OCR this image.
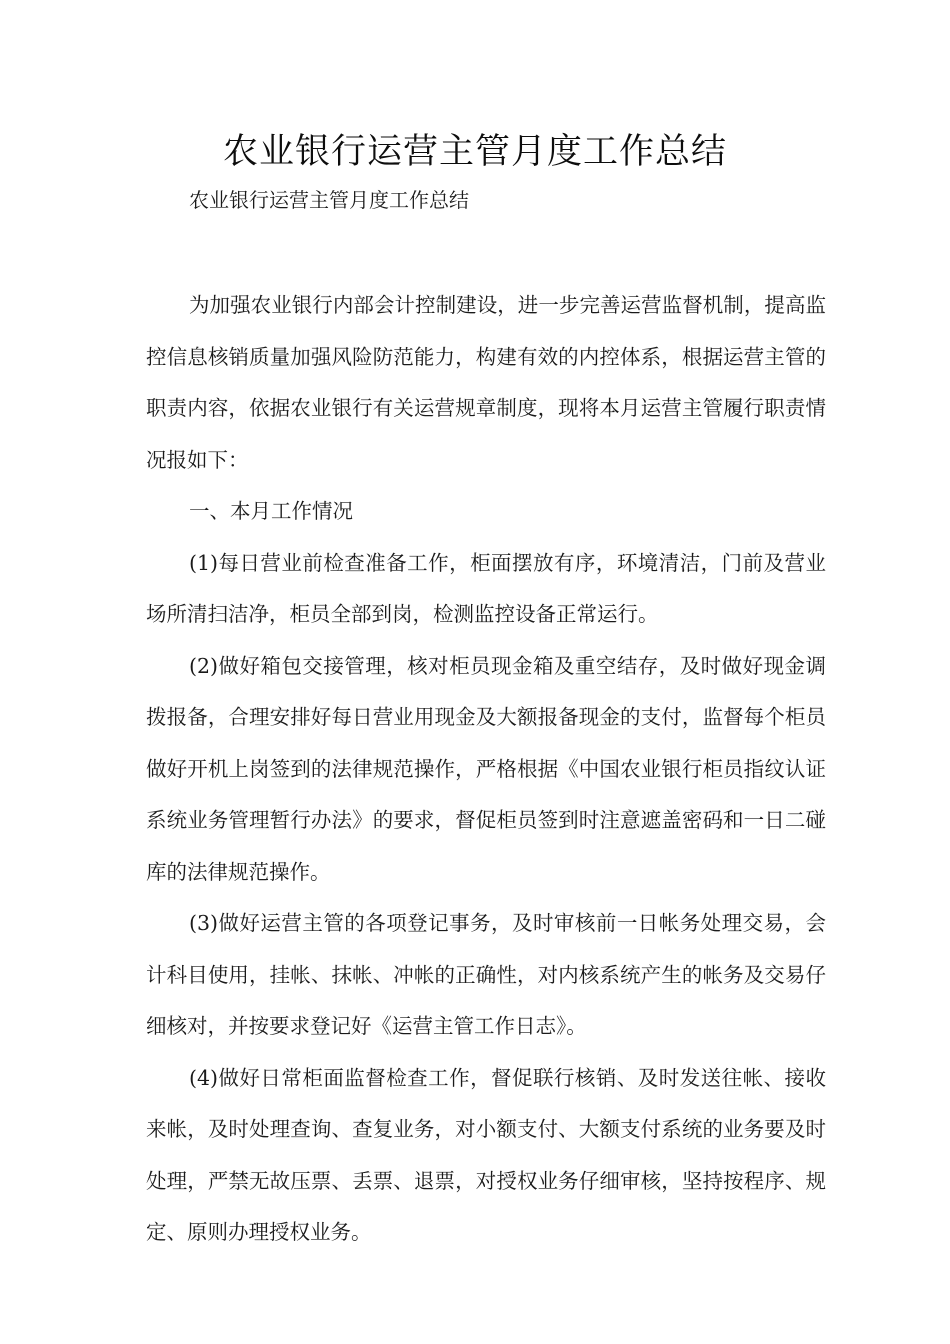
农业银行运营主管月度工作总结

农业银行运营主管月度工作总结

为加强农业银行内部会计控制建设，进一步完善运营监督机制，提高监控信息核销质量加强风险防范能力，构建有效的内控体系，根据运营主管的职责内容，依据农业银行有关运营规章制度，现将本月运营主管履行职责情况报如下：

一、本月工作情况

(1)每日营业前检查准备工作，柜面摆放有序，环境清洁，门前及营业场所清扫洁净，柜员全部到岗，检测监控设备正常运行。

(2)做好箱包交接管理，核对柜员现金箱及重空结存，及时做好现金调拨报备，合理安排好每日营业用现金及大额报备现金的支付，监督每个柜员做好开机上岗签到的法律规范操作，严格根据《中国农业银行柜员指纹认证系统业务管理暂行办法》的要求，督促柜员签到时注意遮盖密码和一日二碰库的法律规范操作。

(3)做好运营主管的各项登记事务，及时审核前一日帐务处理交易，会计科目使用，挂帐、抹帐、冲帐的正确性，对内核系统产生的帐务及交易仔细核对，并按要求登记好《运营主管工作日志》。

(4)做好日常柜面监督检查工作，督促联行核销、及时发送往帐、接收来帐，及时处理查询、查复业务，对小额支付、大额支付系统的业务要及时处理，严禁无故压票、丢票、退票，对授权业务仔细审核，坚持按程序、规定、原则办理授权业务。
